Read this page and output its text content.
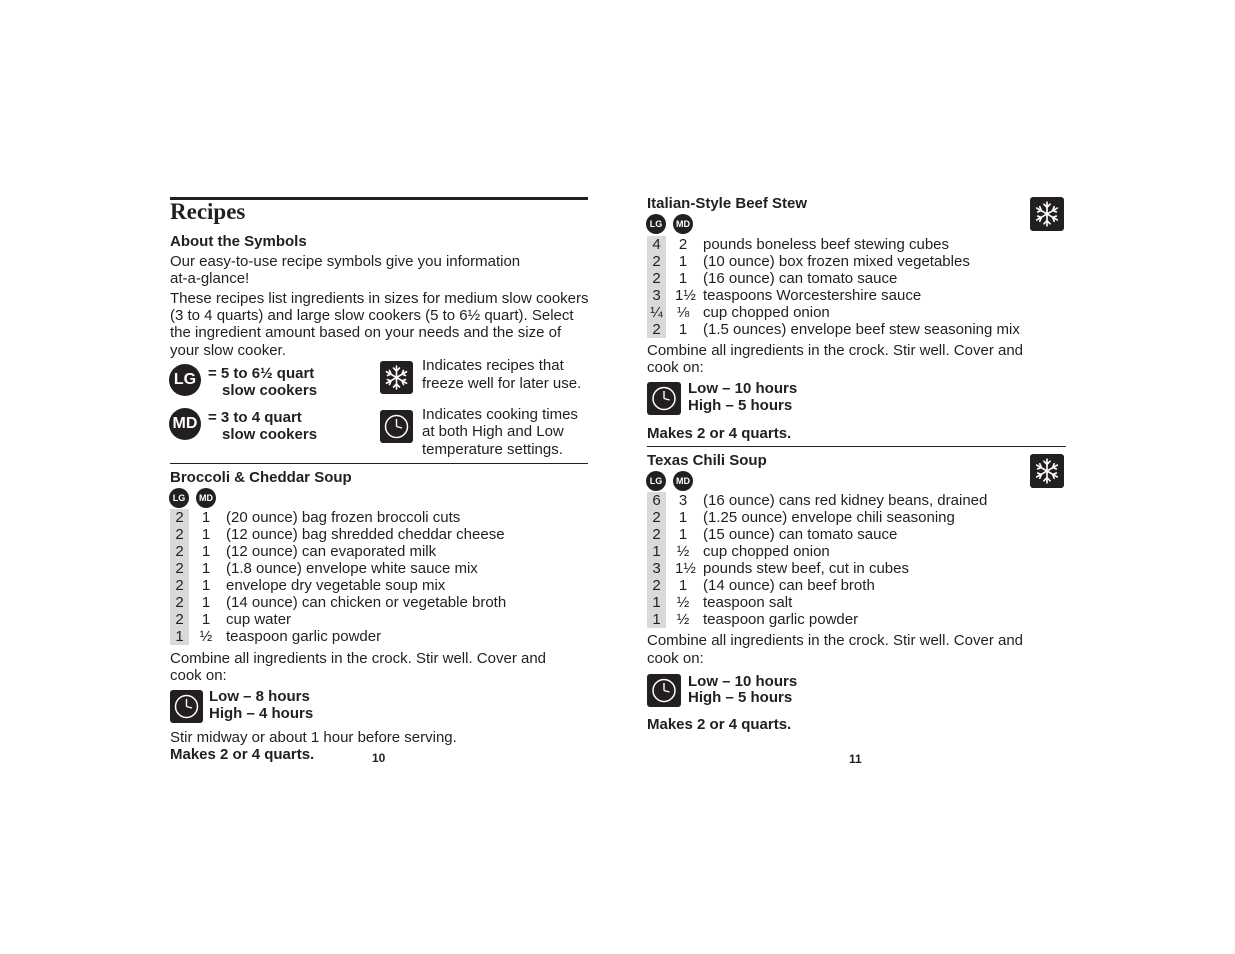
Recipes
About the Symbols
Our easy-to-use recipe symbols give you information
at-a-glance!
These recipes list ingredients in sizes for medium slow cookers
(3 to 4 quarts) and large slow cookers (5 to 6½ quart). Select
the ingredient amount based on your needs and the size of
your slow cooker.
LG = 5 to 6½ quart
slow cookers
MD = 3 to 4 quart
slow cookers
Indicates recipes that
freeze well for later use.
Indicates cooking times
at both High and Low
temperature settings.
Broccoli & Cheddar Soup
LG	MD
2	1 (20 ounce) bag frozen broccoli cuts
2	1 (12 ounce) bag shredded cheddar cheese
2	1 (12 ounce) can evaporated milk
2	1 (1.8 ounce) envelope white sauce mix
2	1 envelope dry vegetable soup mix
2	1 (14 ounce) can chicken or vegetable broth
2	1 cup water
1	½ teaspoon garlic powder
Combine all ingredients in the crock. Stir well. Cover and
cook on:
Low – 8 hours
High – 4 hours
Stir midway or about 1 hour before serving.
Makes 2 or 4 quarts.	10
Italian-Style Beef Stew
LG	MD
4	2 pounds boneless beef stewing cubes
2	1 (10 ounce) box frozen mixed vegetables
2	1 (16 ounce) can tomato sauce
3 1½ teaspoons Worcestershire sauce
¼ ⅛ cup chopped onion
2	1 (1.5 ounces) envelope beef stew seasoning mix
Combine all ingredients in the crock. Stir well. Cover and
cook on:
Low – 10 hours
High – 5 hours
Makes 2 or 4 quarts.
Texas Chili Soup
LG	MD
6	3 (16 ounce) cans red kidney beans, drained
2	1 (1.25 ounce) envelope chili seasoning
2	1 (15 ounce) can tomato sauce
1	½ cup chopped onion
3 1½ pounds stew beef, cut in cubes
2	1 (14 ounce) can beef broth
1	½ teaspoon salt
1	½ teaspoon garlic powder
Combine all ingredients in the crock. Stir well. Cover and
cook on:
Low – 10 hours
High – 5 hours
Makes 2 or 4 quarts.
11
